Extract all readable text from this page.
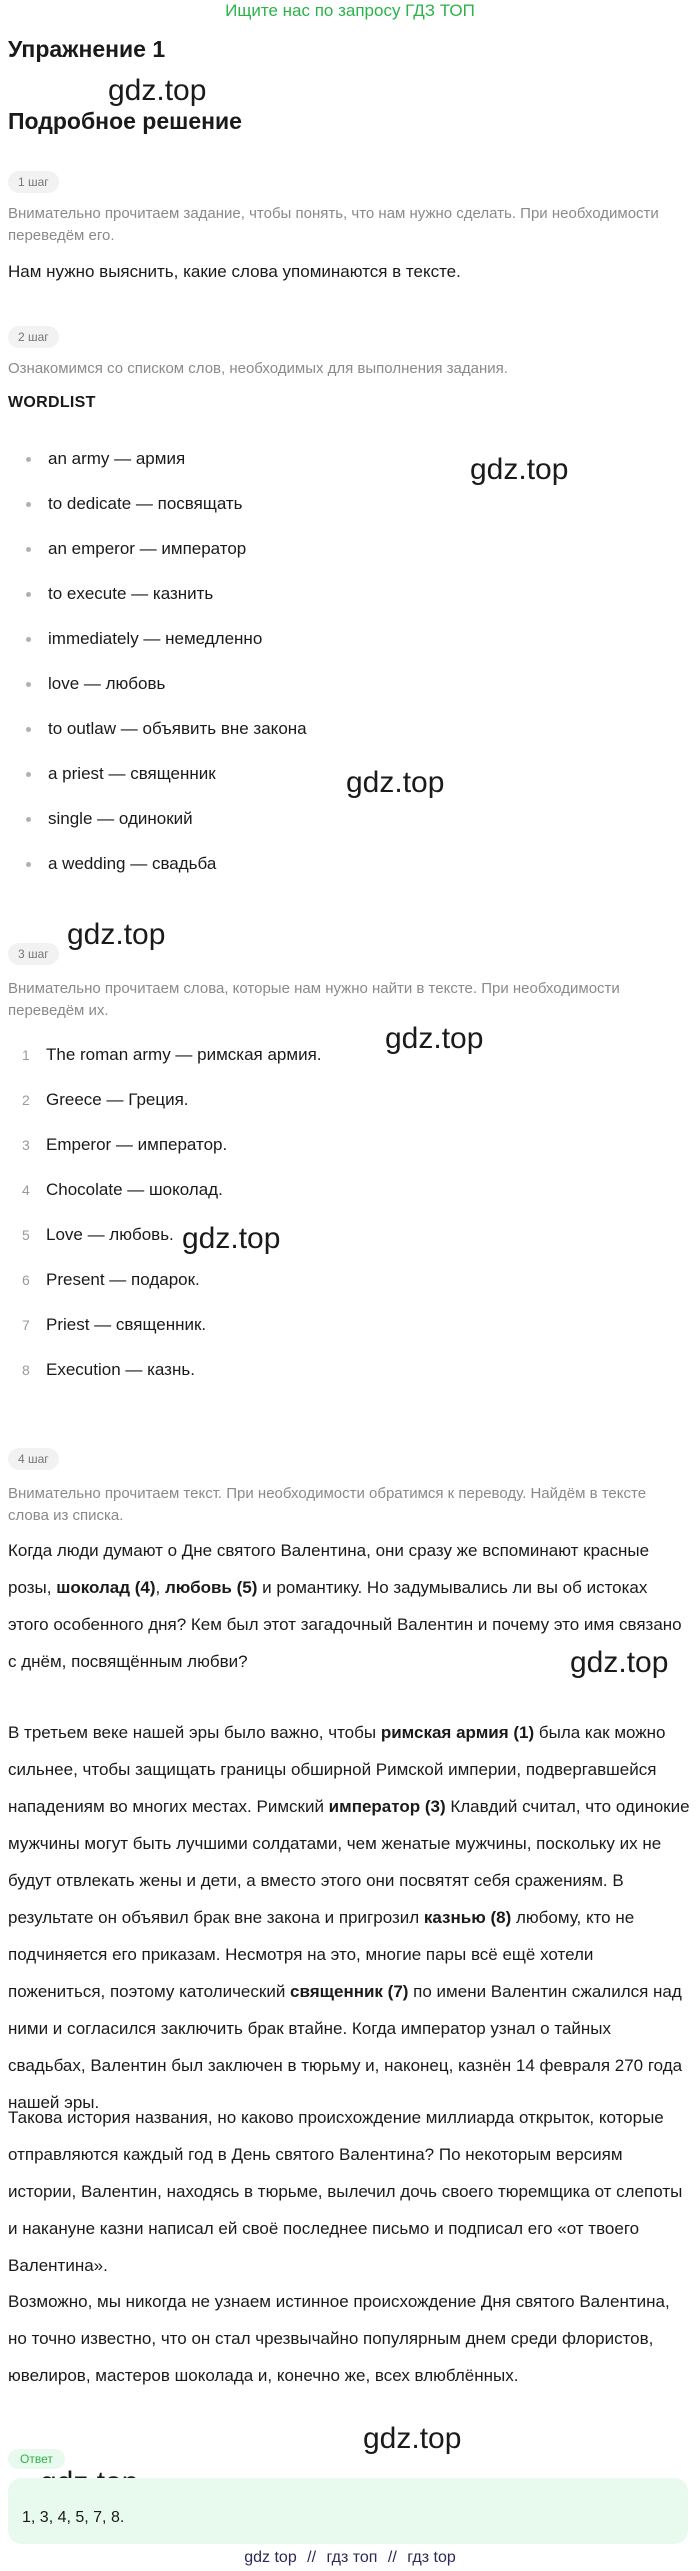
Ищите нас по запросу ГДЗ ТОП
Упражнение 1
Подробное решение
gdz.top
gdz.top
gdz.top
gdz.top
gdz.top
gdz.top
gdz.top
gdz.top
1 шаг
Внимательно прочитаем задание, чтобы понять, что нам нужно сделать. При необходимости переведём его.
Нам нужно выяснить, какие слова упоминаются в тексте.
2 шаг
Ознакомимся со списком слов, необходимых для выполнения задания.
WORDLIST
an army — армия
to dedicate — посвящать
an emperor — император
to execute — казнить
immediately — немедленно
love — любовь
to outlaw — объявить вне закона
a priest — священник
single — одинокий
a wedding — свадьба
3 шаг
Внимательно прочитаем слова, которые нам нужно найти в тексте. При необходимости переведём их.
1 The roman army — римская армия.
2 Greece — Греция.
3 Emperor — император.
4 Chocolate — шоколад.
5 Love — любовь.
6 Present — подарок.
7 Priest — священник.
8 Execution — казнь.
4 шаг
Внимательно прочитаем текст. При необходимости обратимся к переводу. Найдём в тексте слова из списка.
Когда люди думают о Дне святого Валентина, они сразу же вспоминают красные розы, шоколад (4), любовь (5) и романтику. Но задумывались ли вы об истоках этого особенного дня? Кем был этот загадочный Валентин и почему это имя связано с днём, посвящённым любви?
В третьем веке нашей эры было важно, чтобы римская армия (1) была как можно сильнее, чтобы защищать границы обширной Римской империи, подвергавшейся нападениям во многих местах. Римский император (3) Клавдий считал, что одинокие мужчины могут быть лучшими солдатами, чем женатые мужчины, поскольку их не будут отвлекать жены и дети, а вместо этого они посвятят себя сражениям. В результате он объявил брак вне закона и пригрозил казнью (8) любому, кто не подчиняется его приказам. Несмотря на это, многие пары всё ещё хотели пожениться, поэтому католический священник (7) по имени Валентин сжалился над ними и согласился заключить брак втайне. Когда император узнал о тайных свадьбах, Валентин был заключен в тюрьму и, наконец, казнён 14 февраля 270 года нашей эры.
Такова история названия, но каково происхождение миллиарда открыток, которые отправляются каждый год в День святого Валентина? По некоторым версиям истории, Валентин, находясь в тюрьме, вылечил дочь своего тюремщика от слепоты и накануне казни написал ей своё последнее письмо и подписал его «от твоего Валентина».
Возможно, мы никогда не узнаем истинное происхождение Дня святого Валентина, но точно известно, что он стал чрезвычайно популярным днем среди флористов, ювелиров, мастеров шоколада и, конечно же, всех влюблённых.
Ответ
1, 3, 4, 5, 7, 8.
gdz top // гдз топ // гдз top
